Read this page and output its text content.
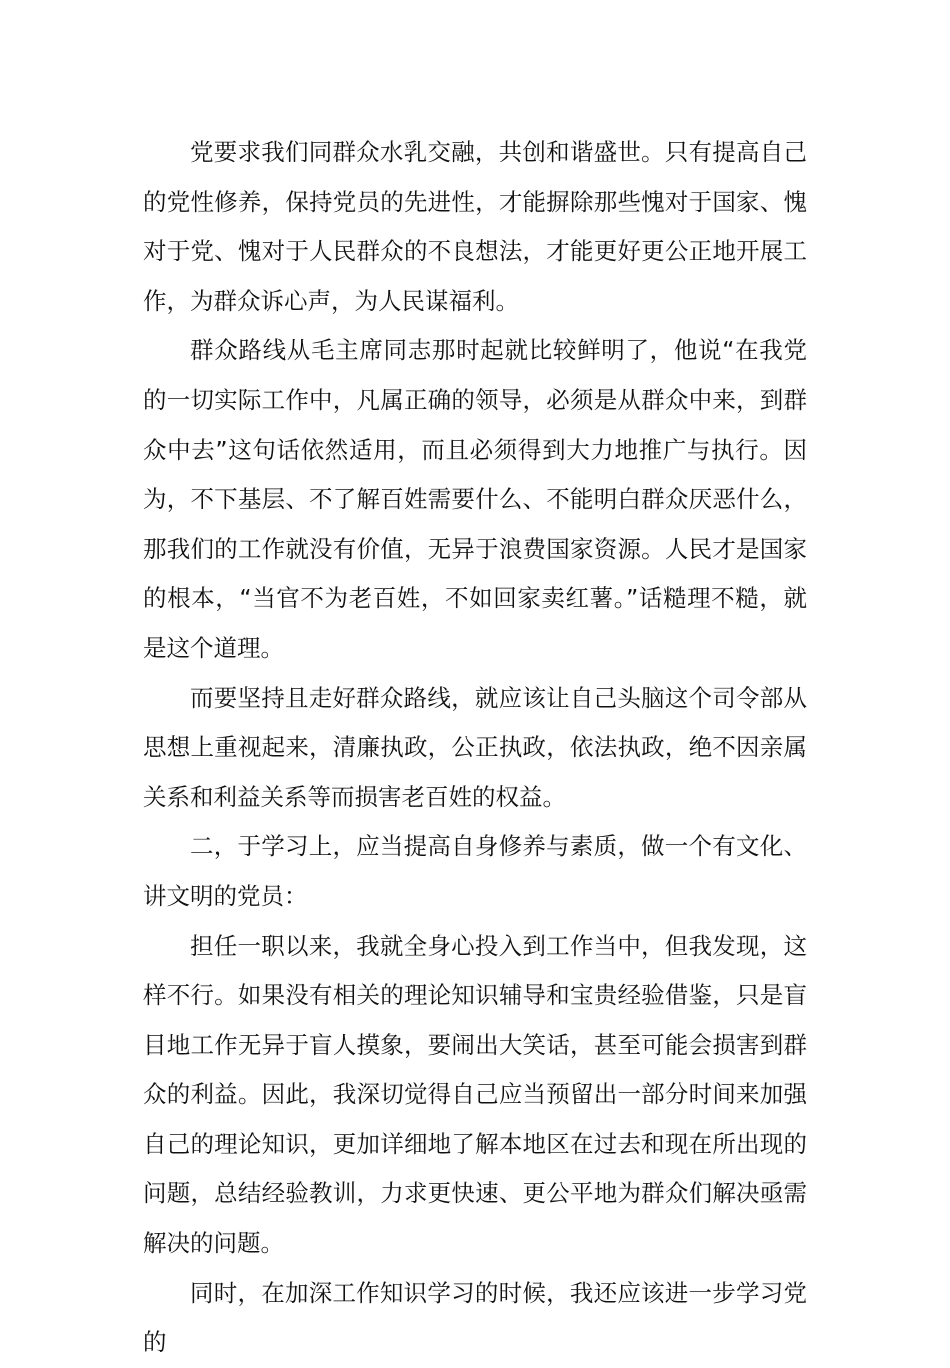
党要求我们同群众水乳交融，共创和谐盛世。只有提高自己的党性修养，保持党员的先进性，才能摒除那些愧对于国家、愧对于党、愧对于人民群众的不良想法，才能更好更公正地开展工作，为群众诉心声，为人民谋福利。

群众路线从毛主席同志那时起就比较鲜明了，他说“在我党的一切实际工作中，凡属正确的领导，必须是从群众中来，到群众中去”这句话依然适用，而且必须得到大力地推广与执行。因为，不下基层、不了解百姓需要什么、不能明白群众厌恶什么，那我们的工作就没有价值，无异于浪费国家资源。人民才是国家的根本，“当官不为老百姓，不如回家卖红薯。”话糙理不糙，就是这个道理。

而要坚持且走好群众路线，就应该让自己头脑这个司令部从思想上重视起来，清廉执政，公正执政，依法执政，绝不因亲属关系和利益关系等而损害老百姓的权益。

二，于学习上，应当提高自身修养与素质，做一个有文化、讲文明的党员：

担任一职以来，我就全身心投入到工作当中，但我发现，这样不行。如果没有相关的理论知识辅导和宝贵经验借鉴，只是盲目地工作无异于盲人摸象，要闹出大笑话，甚至可能会损害到群众的利益。因此，我深切觉得自己应当预留出一部分时间来加强自己的理论知识，更加详细地了解本地区在过去和现在所出现的问题，总结经验教训，力求更快速、更公平地为群众们解决亟需解决的问题。

同时，在加深工作知识学习的时候，我还应该进一步学习党的
